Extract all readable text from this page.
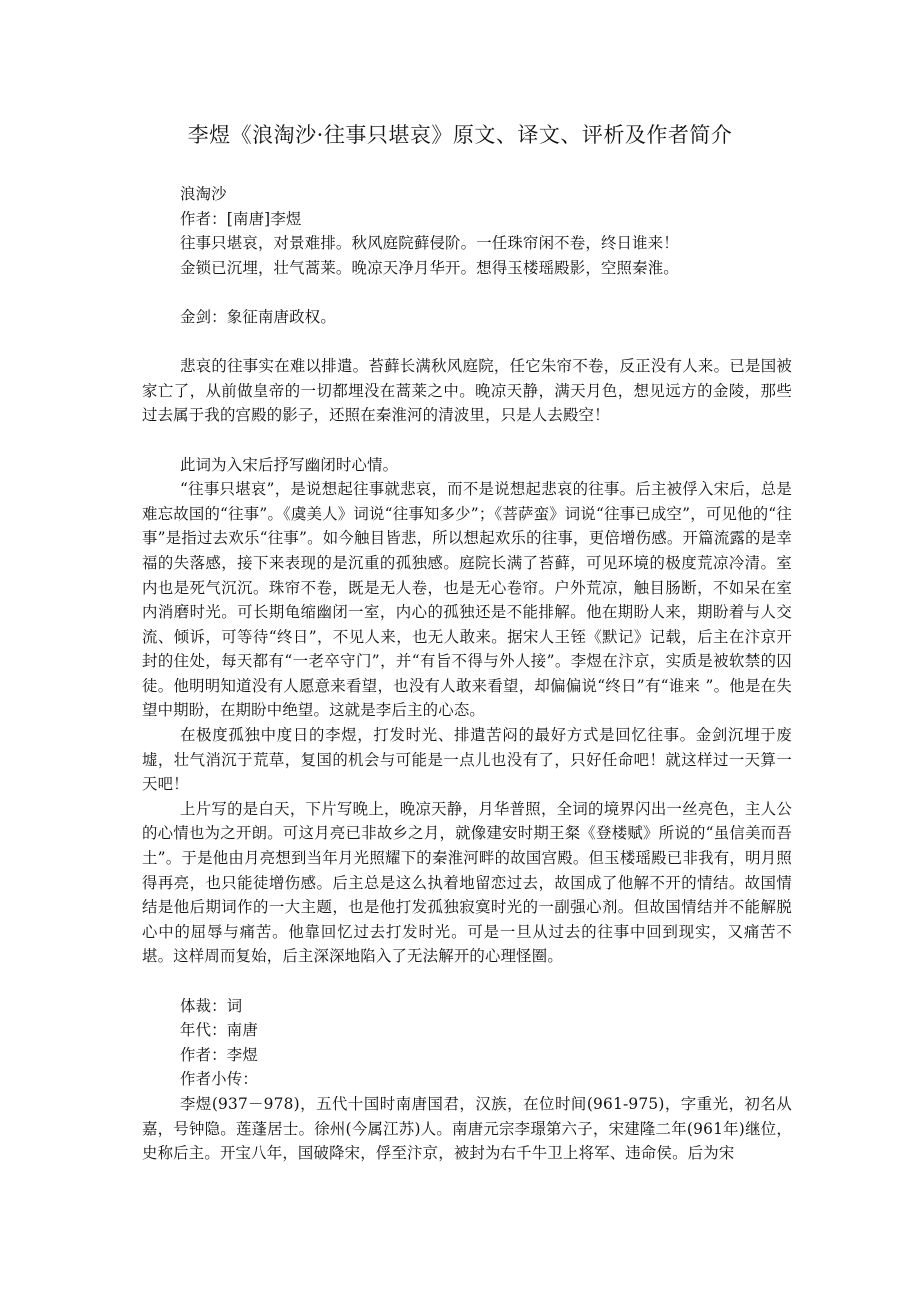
李煜《浪淘沙·往事只堪哀》原文、译文、评析及作者简介

浪淘沙

作者：[南唐]李煜

往事只堪哀，对景难排。秋风庭院藓侵阶。一任珠帘闲不卷，终日谁来！

金锁已沉埋，壮气蒿莱。晚凉天净月华开。想得玉楼瑶殿影，空照秦淮。

金剑：象征南唐政权。

悲哀的往事实在难以排遣。苔藓长满秋风庭院，任它朱帘不卷，反正没有人来。已是国被家亡了，从前做皇帝的一切都埋没在蒿莱之中。晚凉天静，满天月色，想见远方的金陵，那些过去属于我的宫殿的影子，还照在秦淮河的清波里，只是人去殿空！

此词为入宋后抒写幽闭时心情。

“往事只堪哀”，是说想起往事就悲哀，而不是说想起悲哀的往事。后主被俘入宋后，总是难忘故国的“往事”。《虞美人》词说“往事知多少”；《菩萨蛮》词说“往事已成空”，可见他的“往事”是指过去欢乐“往事”。如今触目皆悲，所以想起欢乐的往事，更倍增伤感。开篇流露的是幸福的失落感，接下来表现的是沉重的孤独感。庭院长满了苔藓，可见环境的极度荒凉冷清。室内也是死气沉沉。珠帘不卷，既是无人卷，也是无心卷帘。户外荒凉，触目肠断，不如呆在室内消磨时光。可长期龟缩幽闭一室，内心的孤独还是不能排解。他在期盼人来，期盼着与人交流、倾诉，可等待“终日”，不见人来，也无人敢来。据宋人王铚《默记》记载，后主在汴京开封的住处，每天都有“一老卒守门”，并“有旨不得与外人接”。李煜在汴京，实质是被软禁的囚徒。他明明知道没有人愿意来看望，也没有人敢来看望，却偏偏说“终日”有“谁来 ”。他是在失望中期盼，在期盼中绝望。这就是李后主的心态。

在极度孤独中度日的李煜，打发时光、排遣苦闷的最好方式是回忆往事。金剑沉埋于废墟，壮气消沉于荒草，复国的机会与可能是一点儿也没有了，只好任命吧！就这样过一天算一天吧！

上片写的是白天，下片写晚上，晚凉天静，月华普照，全词的境界闪出一丝亮色，主人公的心情也为之开朗。可这月亮已非故乡之月，就像建安时期王粲《登楼赋》所说的“虽信美而吾土”。于是他由月亮想到当年月光照耀下的秦淮河畔的故国宫殿。但玉楼瑶殿已非我有，明月照得再亮，也只能徒增伤感。后主总是这么执着地留恋过去，故国成了他解不开的情结。故国情结是他后期词作的一大主题，也是他打发孤独寂寞时光的一副强心剂。但故国情结并不能解脱心中的屈辱与痛苦。他靠回忆过去打发时光。可是一旦从过去的往事中回到现实，又痛苦不堪。这样周而复始，后主深深地陷入了无法解开的心理怪圈。

体裁：词

年代：南唐

作者：李煜

作者小传：

李煜(937－978)，五代十国时南唐国君，汉族，在位时间(961-975)，字重光，初名从嘉，号钟隐。莲蓬居士。徐州(今属江苏)人。南唐元宗李璟第六子，宋建隆二年(961年)继位，史称后主。开宝八年，国破降宋，俘至汴京，被封为右千牛卫上将军、违命侯。后为宋
